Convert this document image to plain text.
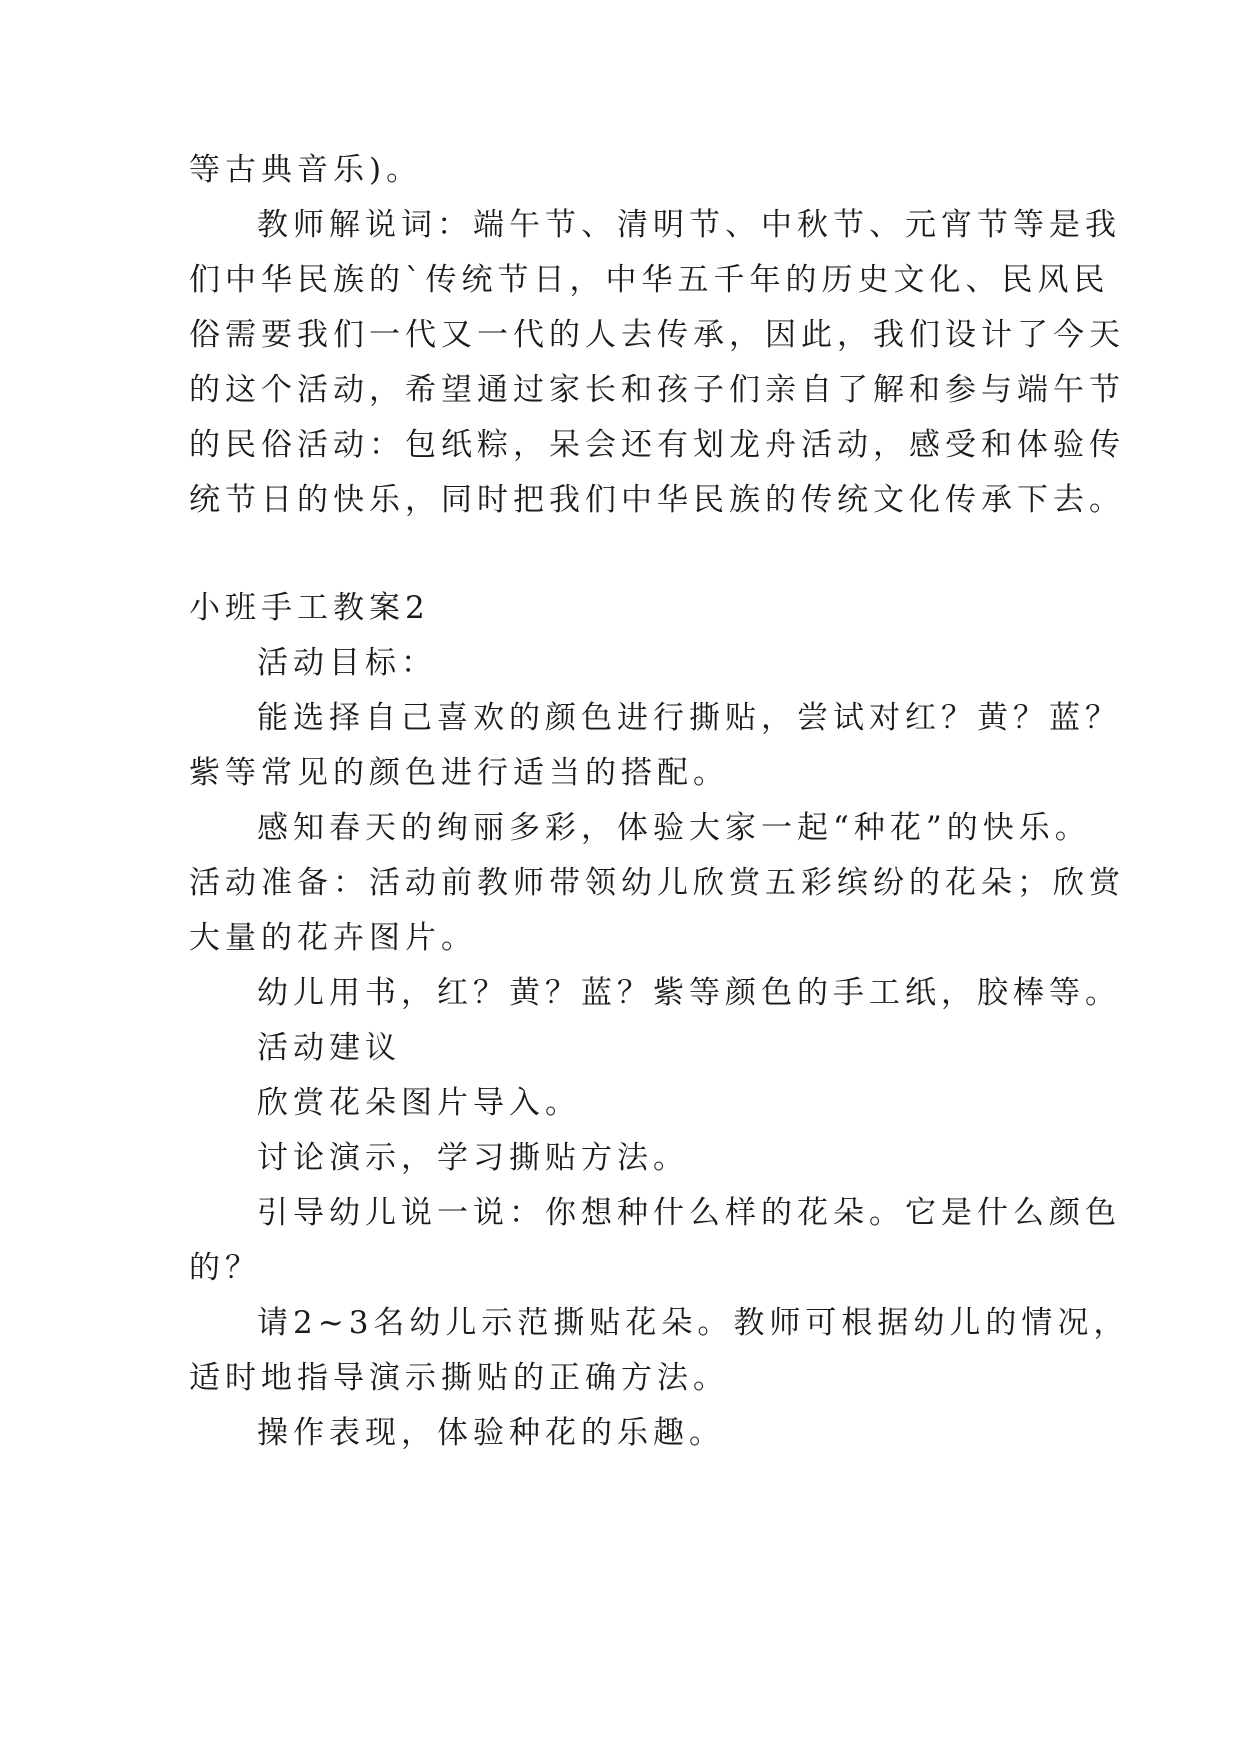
等古典音乐)。

教师解说词：端午节、清明节、中秋节、元宵节等是我

们中华民族的`传统节日，中华五千年的历史文化、民风民

俗需要我们一代又一代的人去传承，因此，我们设计了今天

的这个活动，希望通过家长和孩子们亲自了解和参与端午节

的民俗活动：包纸粽，呆会还有划龙舟活动，感受和体验传

统节日的快乐，同时把我们中华民族的传统文化传承下去。

小班手工教案2

活动目标：

能选择自己喜欢的颜色进行撕贴，尝试对红？黄？蓝？

紫等常见的颜色进行适当的搭配。

感知春天的绚丽多彩，体验大家一起“种花”的快乐。

活动准备：活动前教师带领幼儿欣赏五彩缤纷的花朵；欣赏

大量的花卉图片。

幼儿用书，红？黄？蓝？紫等颜色的手工纸，胶棒等。

活动建议

欣赏花朵图片导入。

讨论演示，学习撕贴方法。

引导幼儿说一说：你想种什么样的花朵。它是什么颜色

的？

请2~3名幼儿示范撕贴花朵。教师可根据幼儿的情况，

适时地指导演示撕贴的正确方法。

操作表现，体验种花的乐趣。
